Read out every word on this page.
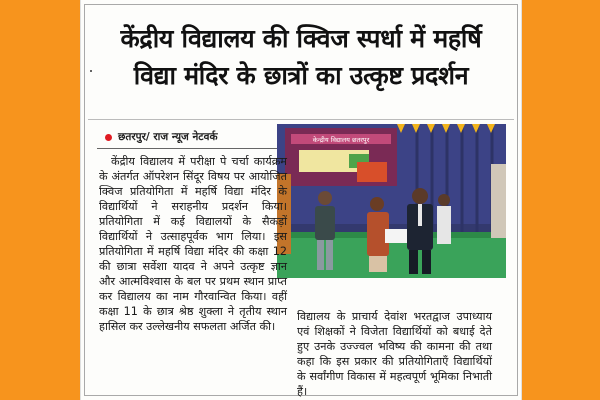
केंद्रीय विद्यालय की क्विज स्पर्धा में महर्षि
विद्या मंदिर के छात्रों का उत्कृष्ट प्रदर्शन
छतरपुर/ राज न्यूज नेटवर्क	केन्द्रीय विद्यालय छतरपुर
केंद्रीय विद्यालय में परीक्षा पे चर्चा कार्यक्रम के अंतर्गत ऑपरेशन सिंदूर विषय पर आयोजित क्विज प्रतियोगिता में महर्षि विद्या मंदिर के विद्यार्थियों ने सराहनीय प्रदर्शन किया। प्रतियोगिता में कई विद्यालयों के सैकड़ों विद्यार्थियों ने उत्साहपूर्वक भाग लिया। इस प्रतियोगिता में महर्षि विद्या मंदिर की कक्षा 12 की छात्रा सर्वेशा यादव ने अपने उत्कृष्ट ज्ञान और आत्मविश्वास के बल पर प्रथम स्थान प्राप्त कर विद्यालय का नाम गौरवान्वित किया। वहीं कक्षा 11 के छात्र श्रेष्ठ शुक्ला ने तृतीय स्थान हासिल कर उल्लेखनीय सफलता अर्जित की।
विद्यालय के प्राचार्य देवांश भरतद्वाज उपाध्याय एवं शिक्षकों ने विजेता विद्यार्थियों को बधाई देते हुए उनके उज्ज्वल भविष्य की कामना की तथा कहा कि इस प्रकार की प्रतियोगिताएँ विद्यार्थियों के सर्वांगीण विकास में महत्वपूर्ण भूमिका निभाती हैं।
